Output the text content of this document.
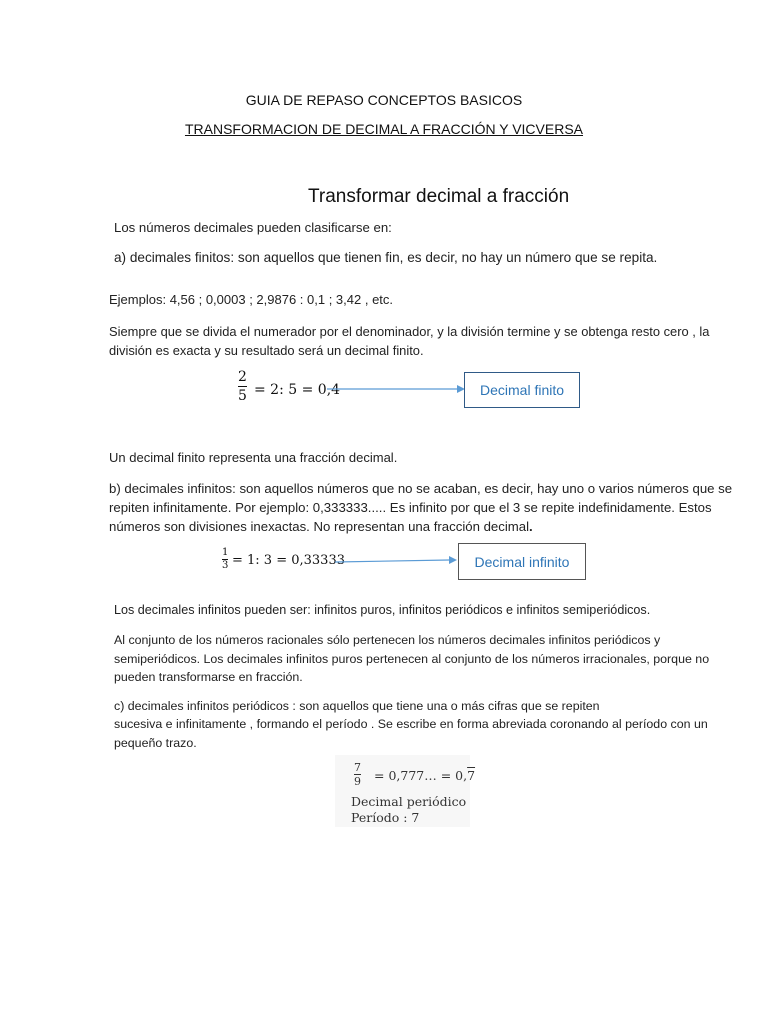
GUIA DE REPASO CONCEPTOS BASICOS
TRANSFORMACION DE DECIMAL A FRACCIÓN Y VICVERSA
Transformar decimal a fracción
Los números decimales pueden clasificarse en:
a) decimales finitos: son aquellos que tienen fin, es decir, no hay un número que se repita.
Ejemplos: 4,56 ; 0,0003 ; 2,9876 : 0,1 ; 3,42 , etc.
Siempre que se divida el numerador por el denominador, y la división termine y se obtenga resto cero , la
división es exacta y su resultado será un decimal finito.
2
5 = 2: 5 = 0,4	Decimal finito
Un decimal finito representa una fracción decimal.
b) decimales infinitos: son aquellos números que no se acaban, es decir, hay uno o varios números que se
repiten infinitamente. Por ejemplo: 0,333333..... Es infinito por que el 3 se repite indefinidamente. Estos
números son divisiones inexactas. No representan una fracción decimal.
1
3 = 1: 3 = 0,33333	Decimal infinito
Los decimales infinitos pueden ser: infinitos puros, infinitos periódicos e infinitos semiperiódicos.
Al conjunto de los números racionales sólo pertenecen los números decimales infinitos periódicos y
semiperiódicos. Los decimales infinitos puros pertenecen al conjunto de los números irracionales, porque no
pueden transformarse en fracción.
c) decimales infinitos periódicos : son aquellos que tiene una o más cifras que se repiten
sucesiva e infinitamente , formando el período . Se escribe en forma abreviada coronando al período con un
pequeño trazo.
7
9 = 0,777… = 0,7
Decimal periódico
Período : 7
